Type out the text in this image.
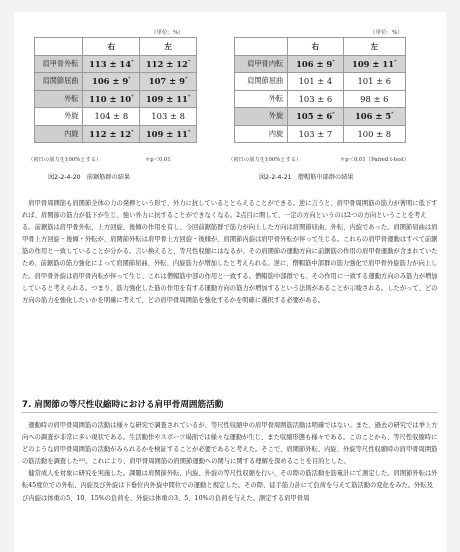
（単位：%）
	右	左
肩甲骨外転	113 ± 14*	112 ± 12*
肩関節屈曲	106 ± 9*	107 ± 9*
外転	110 ± 10*	109 ± 11*
外旋	104 ± 8	103 ± 8
内旋	112 ± 12*	109 ± 11*
（初日の筋力を100%とする）	＊p＜0.01
図2-2-4-20　前鋸筋群の結果
（単位：%）
	右	左
肩甲骨内転	106 ± 9*	109 ± 11*
肩関節屈曲	101 ± 4	101 ± 6
外転	103 ± 6	98 ± 6
外旋	105 ± 6*	106 ± 5*
内旋	103 ± 7	100 ± 8
（初日の筋力を100%とする）	＊p＜0.01（Paired t-test）
図2-2-4-21　僧帽筋中部群の結果

肩甲骨周囲筋も肩関節全体の力の発揮という形で、外力に抗しているととらえることができる。逆に言うと、肩甲骨周囲筋の筋力が著明に低下すれば、肩関節の筋力が低下が生じ、強い外力に抗することができなくなる。2点目に関して、一定の方向というのは2つの方向ということを考える。前鋸筋は肩甲骨外転、上方回旋、後傾の作用を有し、今回前鋸筋群で筋力が向上した方向は肩関節屈曲、外転、内旋であった。肩関節屈曲は肩甲骨上方回旋・後傾・外転が、肩関節外転は肩甲骨上方回旋・後傾が、肩関節内旋は肩甲骨外転が伴って生じる。これらの肩甲骨運動はすべて前鋸筋の作用と一致していることが分かる。言い換えると、等尺性収縮にはなるが、その肩関節の運動方向に前鋸筋の作用の肩甲骨運動が含まれていたため、前鋸筋の筋力強化によって肩関節屈曲、外転、内旋筋力が増加したと考えられる。逆に、僧帽筋中部群の筋力強化で肩甲骨外旋筋力が向上した。肩甲骨外旋は肩甲骨内転が伴って生じ、これは僧帽筋中部の作用と一致する。僧帽筋中部群でも、その作用に一致する運動方向のみ筋力が増加していると考えられる。つまり、筋力強化した筋の作用を有する運動方向の筋力が増加するという法則があることが示唆される。したがって、どの方向の筋力を強化したいかを明確に考えて、どの肩甲骨周囲筋を強化するかを明確に選択する必要がある。

7. 肩関節の等尺性収縮時における肩甲骨周囲筋活動

運動時の肩甲骨周囲筋の活動は様々な研究で調査されているが、等尺性収縮中の肩甲骨周囲筋活動は明確ではない。また、過去の研究では挙上方向への調査が非常に多い現状である。生活動作やスポーツ場面では様々な運動が生じ、また収縮形態も様々である。このことから、等尺性収縮時にどのような肩甲骨周囲筋の活動がみられるかを検証することが必要であると考えた。そこで、肩関節外転、内旋、外旋等尺性収縮時の肩甲骨周囲筋の筋活動を調査した²²⁾。これにより、肩甲骨周囲筋の肩関節運動への関与に関する理解を深めることを目的とした。

健常成人を対象に研究を実施した。課題は肩関節外転、内旋、外旋の等尺性収縮を行い、その際の筋活動を筋電計にて測定した。肩関節外転は外転45度位での外転、内旋及び外旋は下垂位内外旋中間位での運動と規定した。その際、徒手筋力計にて負荷を与えて筋活動の変化をみた。外転及び内旋は体重の5、10、15%の負荷を、外旋は体重の3、5、10%の負荷を与えた。測定する肩甲骨周
